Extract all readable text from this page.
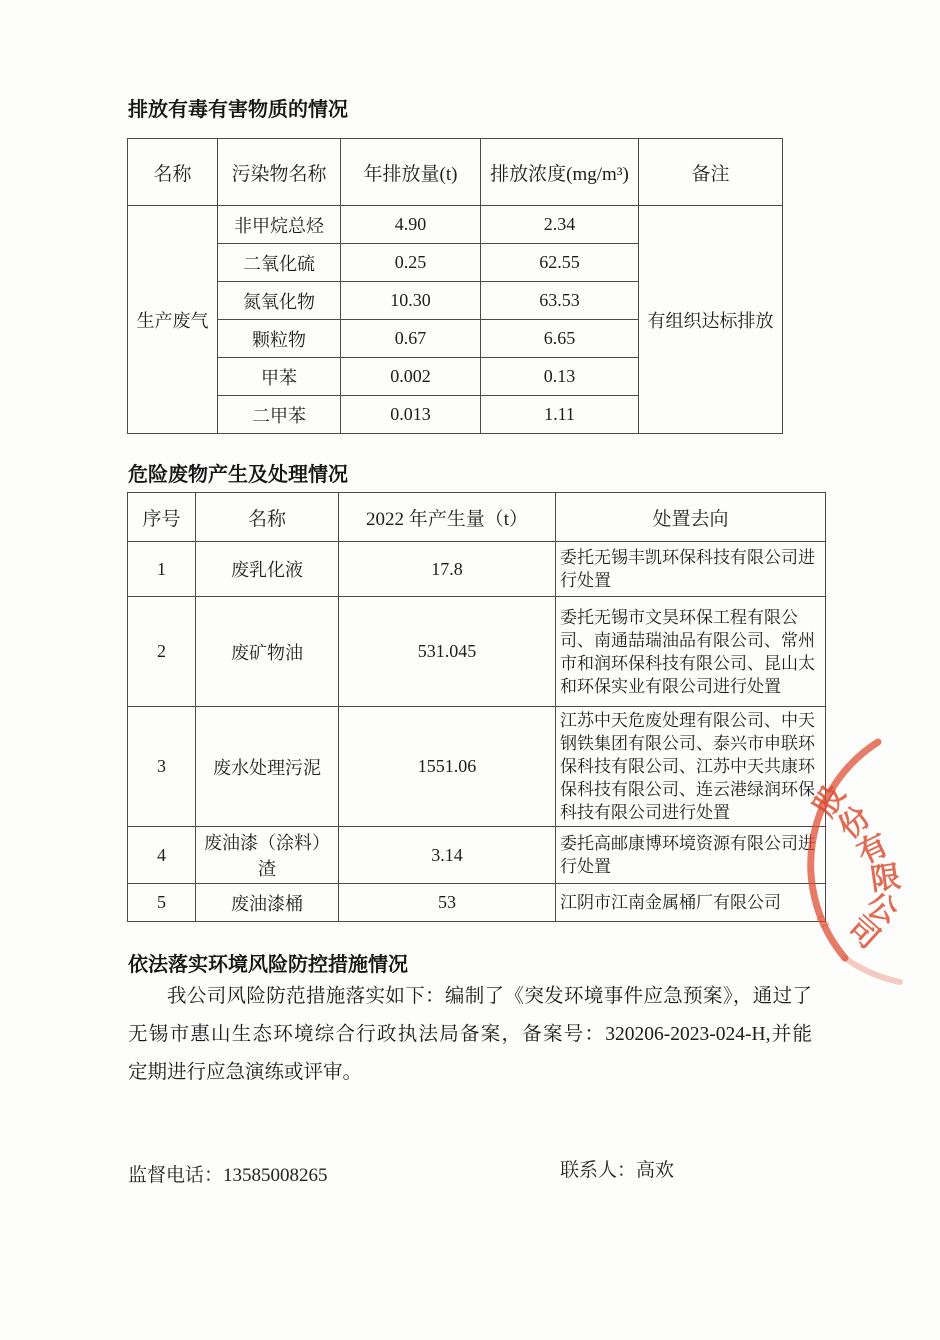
排放有毒有害物质的情况
名称	污染物名称	年排放量(t)	排放浓度(mg/m³)	备注
生产废气	非甲烷总烃	4.90	2.34	有组织达标排放
	二氧化硫	0.25	62.55	
	氮氧化物	10.30	63.53	
	颗粒物	0.67	6.65	
	甲苯	0.002	0.13	
	二甲苯	0.013	1.11	
危险废物产生及处理情况
序号	名称	2022 年产生量（t）	处置去向
1	废乳化液	17.8	委托无锡丰凯环保科技有限公司进行处置
2	废矿物油	531.045	委托无锡市文昊环保工程有限公司、南通喆瑞油品有限公司、常州市和润环保科技有限公司、昆山太和环保实业有限公司进行处置
3	废水处理污泥	1551.06	江苏中天危废处理有限公司、中天钢铁集团有限公司、泰兴市申联环保科技有限公司、江苏中天共康环保科技有限公司、连云港绿润环保科技有限公司进行处置
4	废油漆（涂料）渣	3.14	委托高邮康博环境资源有限公司进行处置
5	废油漆桶	53	江阴市江南金属桶厂有限公司
依法落实环境风险防控措施情况
我公司风险防范措施落实如下：编制了《突发环境事件应急预案》，通过了
无锡市惠山生态环境综合行政执法局备案，备案号：320206-2023-024-H,并能
定期进行应急演练或评审。
监督电话：13585008265	联系人：高欢
股
份
有
限
公
司
6 2
